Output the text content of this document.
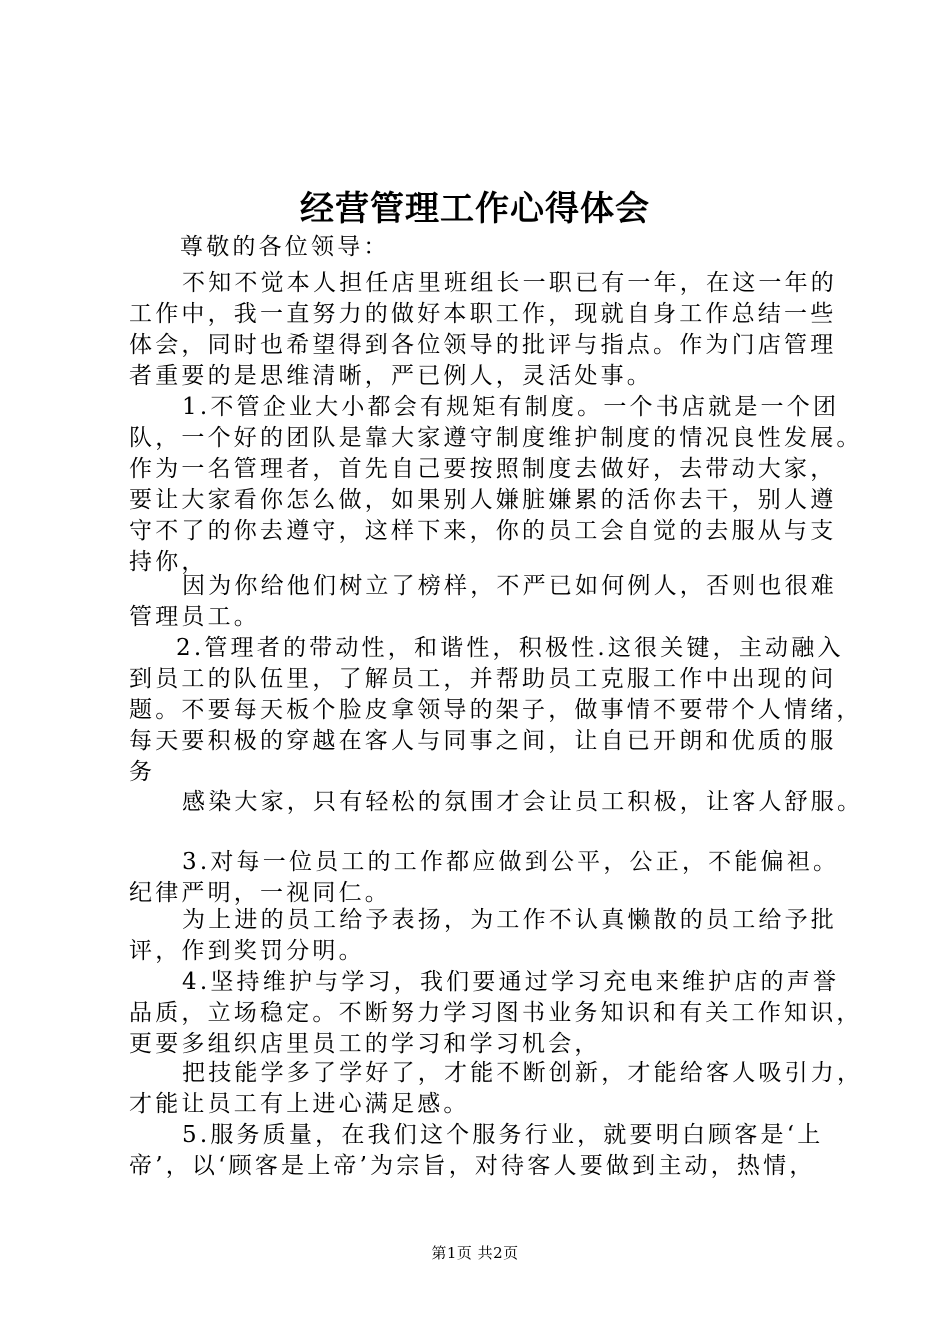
经营管理工作心得体会
尊敬的各位领导：
不知不觉本人担任店里班组长一职已有一年，在这一年的
工作中，我一直努力的做好本职工作，现就自身工作总结一些
体会，同时也希望得到各位领导的批评与指点。作为门店管理
者重要的是思维清晰，严已例人，灵活处事。
1.不管企业大小都会有规矩有制度。一个书店就是一个团
队，一个好的团队是靠大家遵守制度维护制度的情况良性发展。
作为一名管理者，首先自己要按照制度去做好，去带动大家，
要让大家看你怎么做，如果别人嫌脏嫌累的活你去干，别人遵
守不了的你去遵守，这样下来，你的员工会自觉的去服从与支
持你，
因为你给他们树立了榜样，不严已如何例人，否则也很难
管理员工。
2.管理者的带动性，和谐性，积极性.这很关键，主动融入
到员工的队伍里，了解员工，并帮助员工克服工作中出现的问
题。不要每天板个脸皮拿领导的架子，做事情不要带个人情绪，
每天要积极的穿越在客人与同事之间，让自已开朗和优质的服
务
感染大家，只有轻松的氛围才会让员工积极，让客人舒服。
3.对每一位员工的工作都应做到公平，公正，不能偏袒。
纪律严明，一视同仁。
为上进的员工给予表扬，为工作不认真懒散的员工给予批
评，作到奖罚分明。
4.坚持维护与学习，我们要通过学习充电来维护店的声誉
品质，立场稳定。不断努力学习图书业务知识和有关工作知识，
更要多组织店里员工的学习和学习机会，
把技能学多了学好了，才能不断创新，才能给客人吸引力，
才能让员工有上进心满足感。
5.服务质量，在我们这个服务行业，就要明白顾客是‘上
帝’，以‘顾客是上帝’为宗旨，对待客人要做到主动，热情，
第1页 共2页
